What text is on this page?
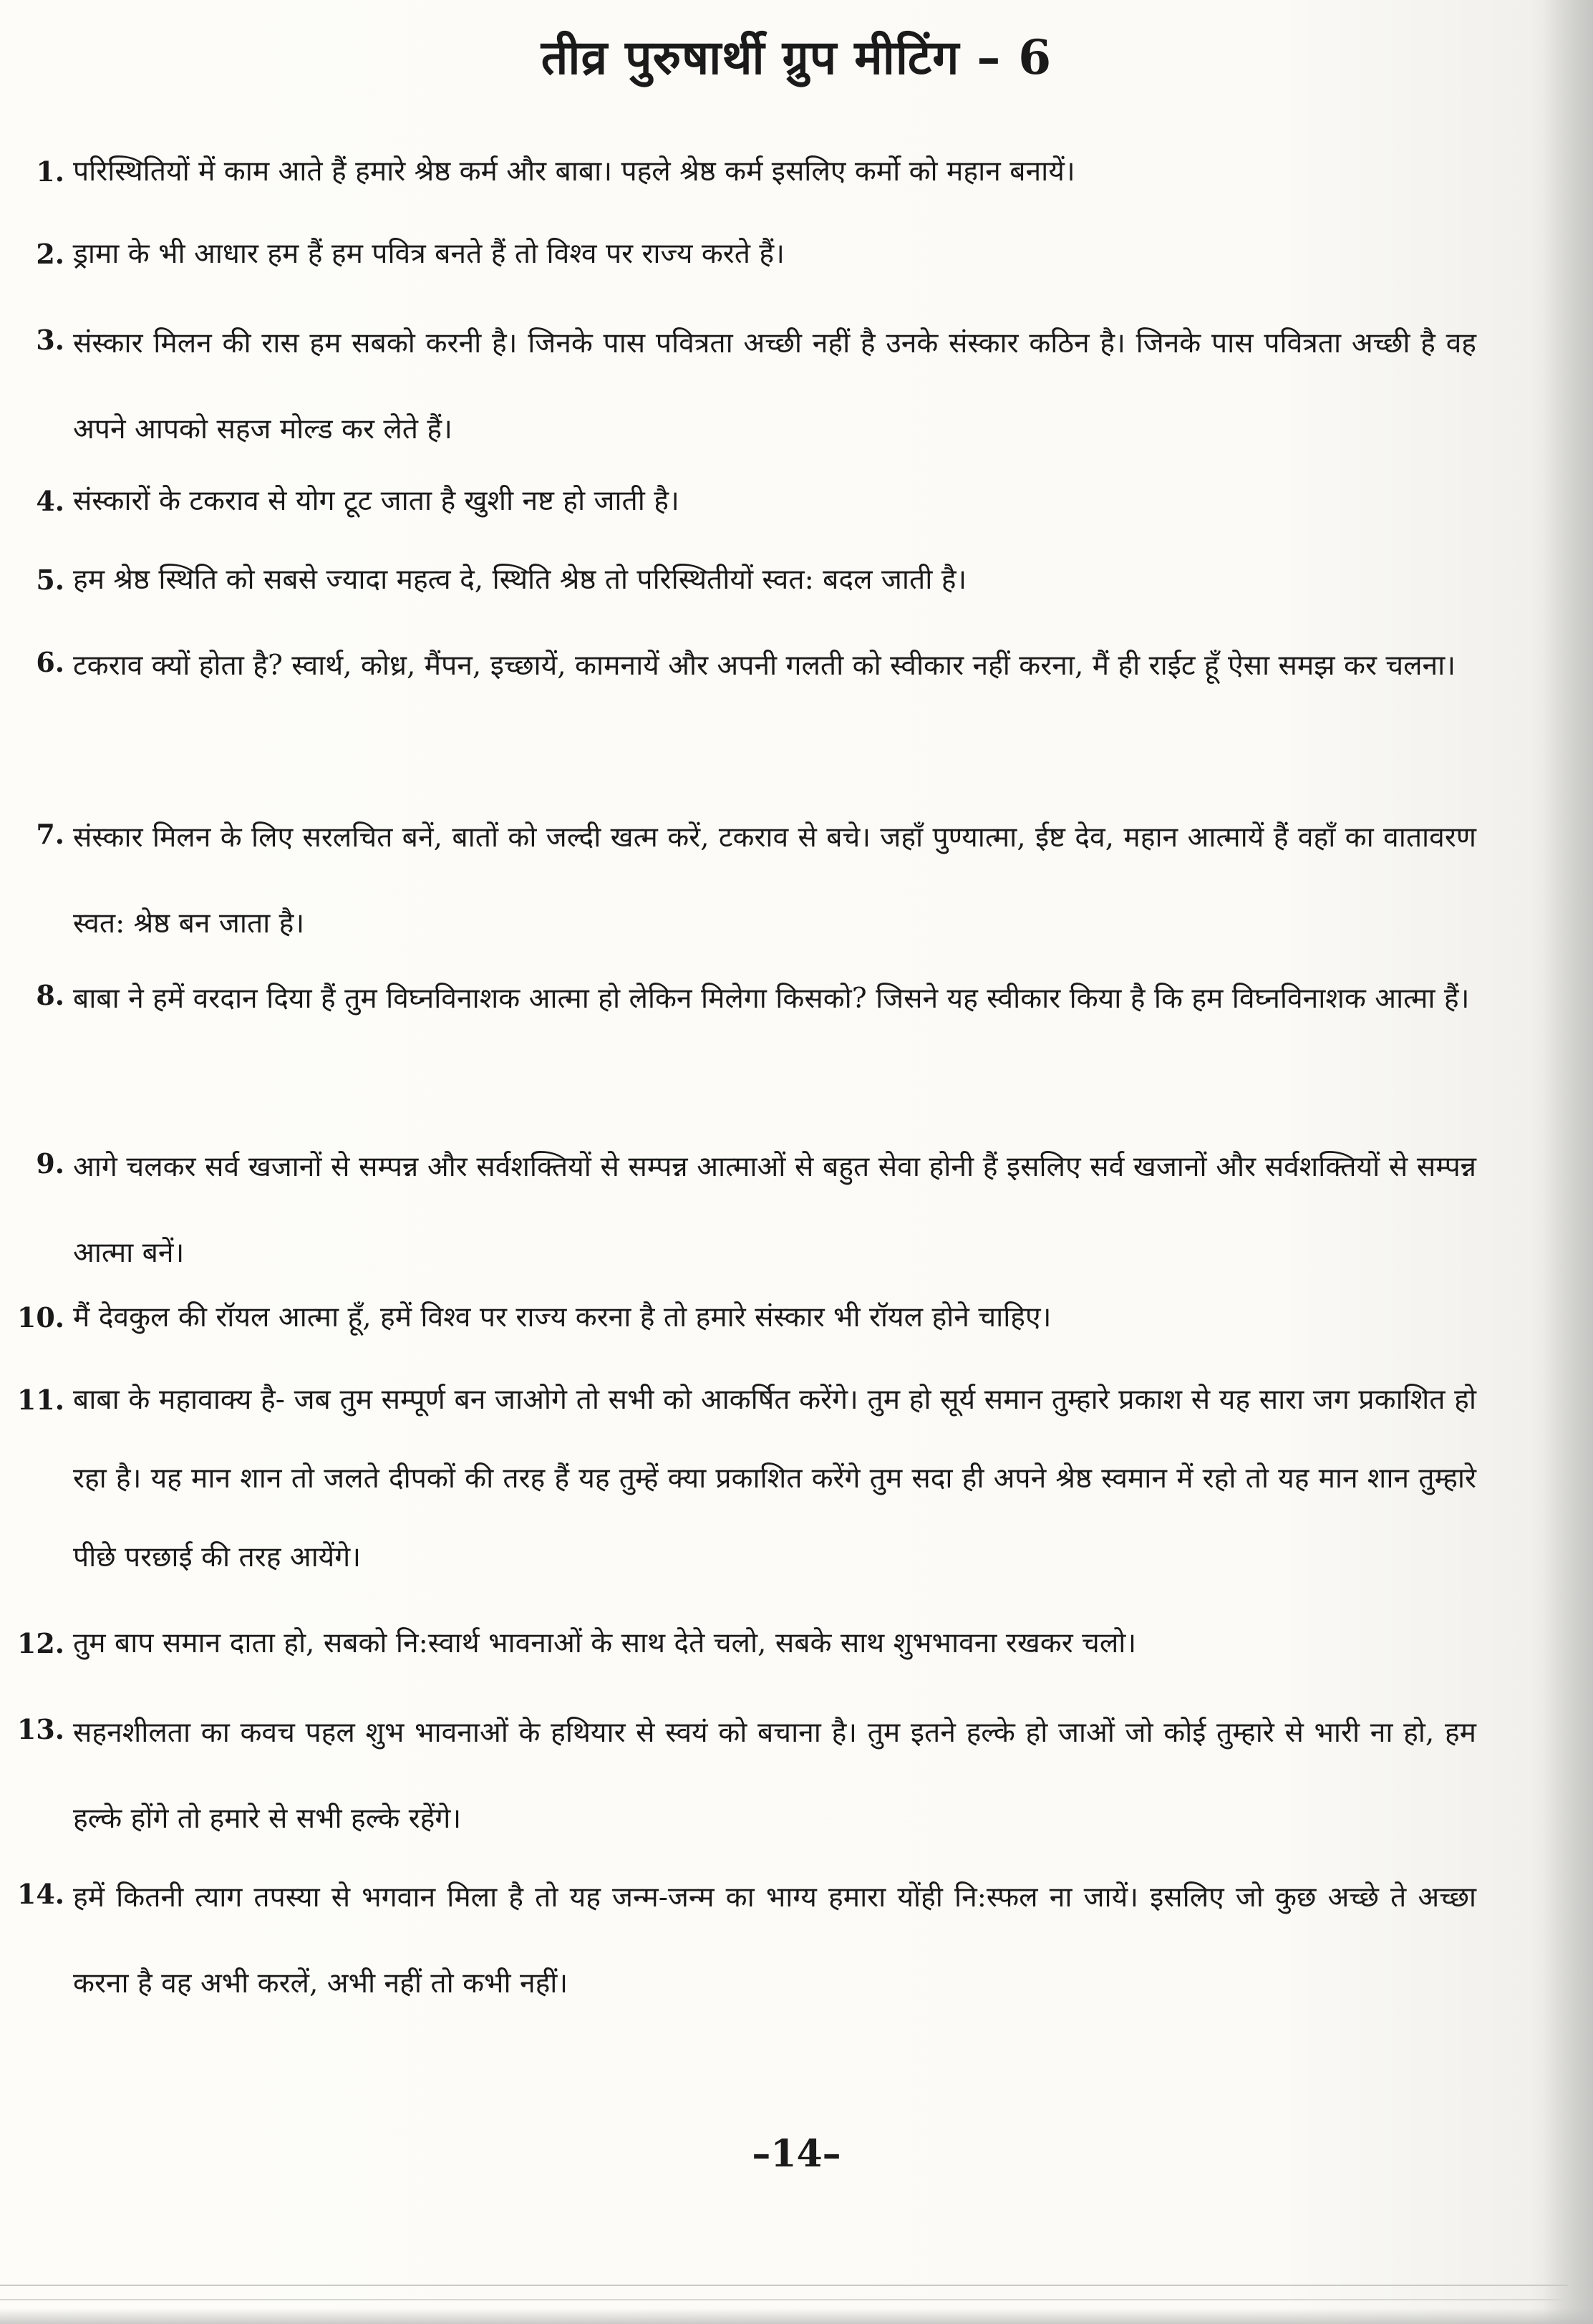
तीव्र पुरुषार्थी ग्रुप मीटिंग – 6
1. परिस्थितियों में काम आते हैं हमारे श्रेष्ठ कर्म और बाबा। पहले श्रेष्ठ कर्म इसलिए कर्मो को महान बनायें।
2. ड्रामा के भी आधार हम हैं हम पवित्र बनते हैं तो विश्व पर राज्य करते हैं।
3. संस्कार मिलन की रास हम सबको करनी है। जिनके पास पवित्रता अच्छी नहीं है उनके संस्कार कठिन है। जिनके पास पवित्रता अच्छी है वह अपने आपको सहज मोल्ड कर लेते हैं।
4. संस्कारों के टकराव से योग टूट जाता है खुशी नष्ट हो जाती है।
5. हम श्रेष्ठ स्थिति को सबसे ज्यादा महत्व दे, स्थिति श्रेष्ठ तो परिस्थितीयों स्वत: बदल जाती है।
6. टकराव क्यों होता है? स्वार्थ, कोध्र, मैंपन, इच्छायें, कामनायें और अपनी गलती को स्वीकार नहीं करना, मैं ही राईट हूँ ऐसा समझ कर चलना।
7. संस्कार मिलन के लिए सरलचित बनें, बातों को जल्दी खत्म करें, टकराव से बचे। जहाँ पुण्यात्मा, ईष्ट देव, महान आत्मायें हैं वहाँ का वातावरण स्वत: श्रेष्ठ बन जाता है।
8. बाबा ने हमें वरदान दिया हैं तुम विघ्नविनाशक आत्मा हो लेकिन मिलेगा किसको? जिसने यह स्वीकार किया है कि हम विघ्नविनाशक आत्मा हैं।
9. आगे चलकर सर्व खजानों से सम्पन्न और सर्वशक्तियों से सम्पन्न आत्माओं से बहुत सेवा होनी हैं इसलिए सर्व खजानों और सर्वशक्तियों से सम्पन्न आत्मा बनें।
10. मैं देवकुल की रॉयल आत्मा हूँ, हमें विश्व पर राज्य करना है तो हमारे संस्कार भी रॉयल होने चाहिए।
11. बाबा के महावाक्य है- जब तुम सम्पूर्ण बन जाओगे तो सभी को आकर्षित करेंगे। तुम हो सूर्य समान तुम्हारे प्रकाश से यह सारा जग प्रकाशित हो रहा है। यह मान शान तो जलते दीपकों की तरह हैं यह तुम्हें क्या प्रकाशित करेंगे तुम सदा ही अपने श्रेष्ठ स्वमान में रहो तो यह मान शान तुम्हारे पीछे परछाई की तरह आयेंगे।
12. तुम बाप समान दाता हो, सबको नि:स्वार्थ भावनाओं के साथ देते चलो, सबके साथ शुभभावना रखकर चलो।
13. सहनशीलता का कवच पहल शुभ भावनाओं के हथियार से स्वयं को बचाना है। तुम इतने हल्के हो जाओं जो कोई तुम्हारे से भारी ना हो, हम हल्के होंगे तो हमारे से सभी हल्के रहेंगे।
14. हमें कितनी त्याग तपस्या से भगवान मिला है तो यह जन्म-जन्म का भाग्य हमारा योंही नि:स्फल ना जायें। इसलिए जो कुछ अच्छे ते अच्छा करना है वह अभी करलें, अभी नहीं तो कभी नहीं।
–14–
